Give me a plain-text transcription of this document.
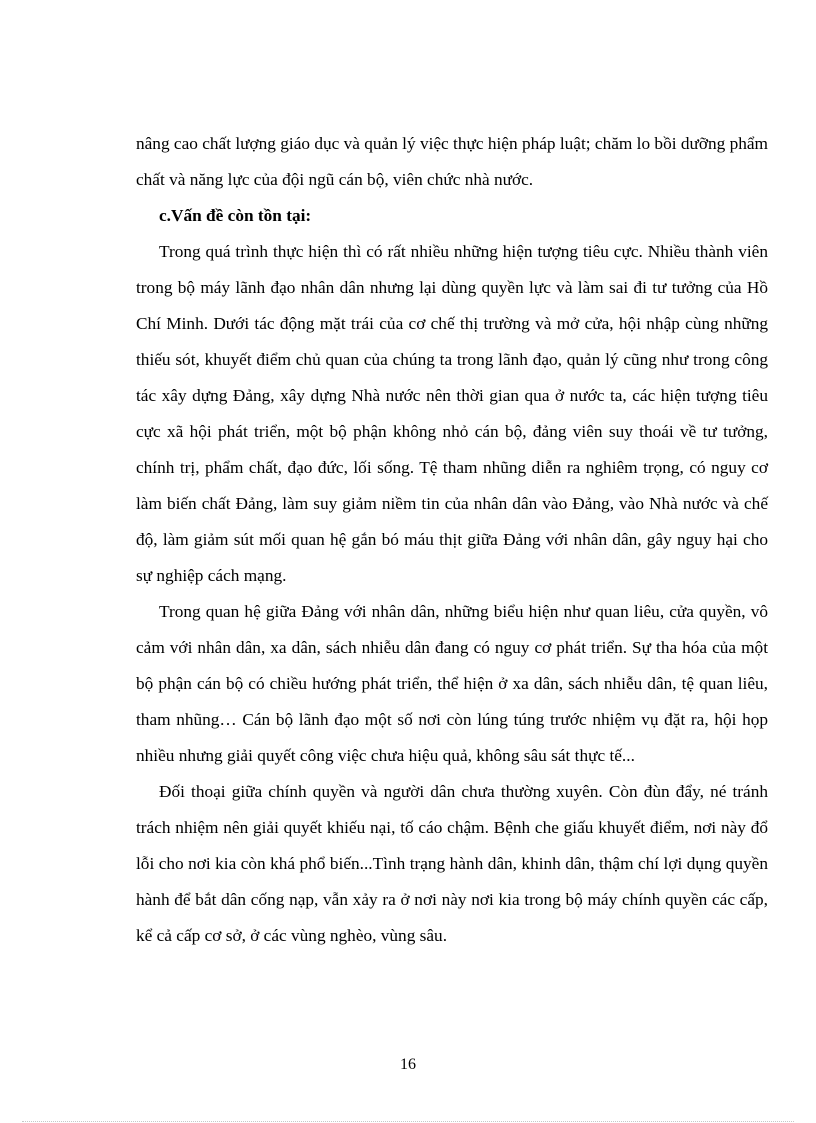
nâng cao chất lượng giáo dục và quản lý việc thực hiện pháp luật; chăm lo bồi dưỡng phẩm chất và năng lực của đội ngũ cán bộ, viên chức nhà nước.

c.Vấn đề còn tồn tại:

Trong quá trình thực hiện thì có rất nhiều những hiện tượng tiêu cực. Nhiều thành viên trong bộ máy lãnh đạo nhân dân nhưng lại dùng quyền lực và làm sai đi tư tưởng của Hồ Chí Minh. Dưới tác động mặt trái của cơ chế thị trường và mở cửa, hội nhập cùng những thiếu sót, khuyết điểm chủ quan của chúng ta trong lãnh đạo, quản lý cũng như trong công tác xây dựng Đảng, xây dựng Nhà nước nên thời gian qua ở nước ta, các hiện tượng tiêu cực xã hội phát triển, một bộ phận không nhỏ cán bộ, đảng viên suy thoái về tư tưởng, chính trị, phẩm chất, đạo đức, lối sống. Tệ tham nhũng diễn ra nghiêm trọng, có nguy cơ làm biến chất Đảng, làm suy giảm niềm tin của nhân dân vào Đảng, vào Nhà nước và chế độ, làm giảm sút mối quan hệ gắn bó máu thịt giữa Đảng với nhân dân, gây nguy hại cho sự nghiệp cách mạng.

Trong quan hệ giữa Đảng với nhân dân, những biểu hiện như quan liêu, cửa quyền, vô cảm với nhân dân, xa dân, sách nhiễu dân đang có nguy cơ phát triển. Sự tha hóa của một bộ phận cán bộ có chiều hướng phát triển, thể hiện ở xa dân, sách nhiễu dân, tệ quan liêu, tham nhũng… Cán bộ lãnh đạo một số nơi còn lúng túng trước nhiệm vụ đặt ra, hội họp nhiều nhưng giải quyết công việc chưa hiệu quả, không sâu sát thực tế...

Đối thoại giữa chính quyền và người dân chưa thường xuyên. Còn đùn đẩy, né tránh trách nhiệm nên giải quyết khiếu nại, tố cáo chậm. Bệnh che giấu khuyết điểm, nơi này đổ lỗi cho nơi kia còn khá phổ biến...Tình trạng hành dân, khinh dân, thậm chí lợi dụng quyền hành để bắt dân cống nạp, vẫn xảy ra ở nơi này nơi kia trong bộ máy chính quyền các cấp, kể cả cấp cơ sở, ở các vùng nghèo, vùng sâu.

16
